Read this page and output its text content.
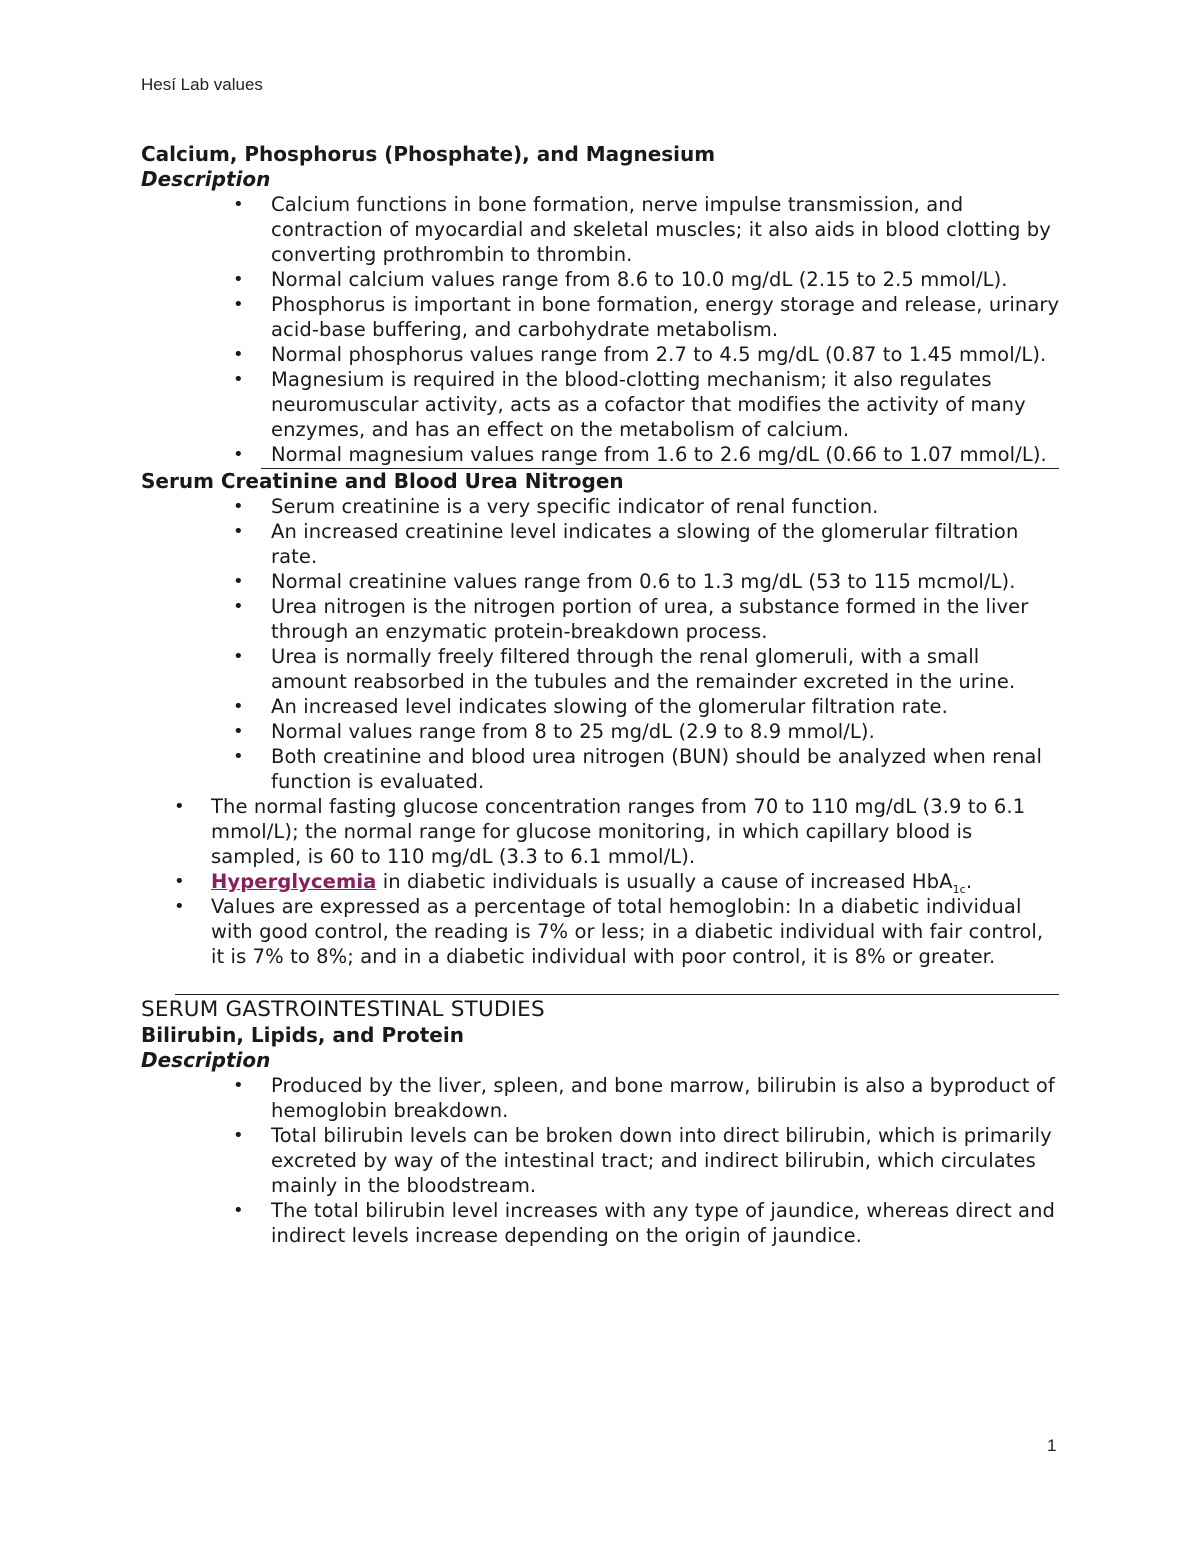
Hesí Lab values
Calcium, Phosphorus (Phosphate), and Magnesium
Description
• Calcium functions in bone formation, nerve impulse transmission, and contraction of myocardial and skeletal muscles; it also aids in blood clotting by converting prothrombin to thrombin.
• Normal calcium values range from 8.6 to 10.0 mg/dL (2.15 to 2.5 mmol/L).
• Phosphorus is important in bone formation, energy storage and release, urinary acid-base buffering, and carbohydrate metabolism.
• Normal phosphorus values range from 2.7 to 4.5 mg/dL (0.87 to 1.45 mmol/L).
• Magnesium is required in the blood-clotting mechanism; it also regulates neuromuscular activity, acts as a cofactor that modifies the activity of many enzymes, and has an effect on the metabolism of calcium.
• Normal magnesium values range from 1.6 to 2.6 mg/dL (0.66 to 1.07 mmol/L).
Serum Creatinine and Blood Urea Nitrogen
• Serum creatinine is a very specific indicator of renal function.
• An increased creatinine level indicates a slowing of the glomerular filtration rate.
• Normal creatinine values range from 0.6 to 1.3 mg/dL (53 to 115 mcmol/L).
• Urea nitrogen is the nitrogen portion of urea, a substance formed in the liver through an enzymatic protein-breakdown process.
• Urea is normally freely filtered through the renal glomeruli, with a small amount reabsorbed in the tubules and the remainder excreted in the urine.
• An increased level indicates slowing of the glomerular filtration rate.
• Normal values range from 8 to 25 mg/dL (2.9 to 8.9 mmol/L).
• Both creatinine and blood urea nitrogen (BUN) should be analyzed when renal function is evaluated.
• The normal fasting glucose concentration ranges from 70 to 110 mg/dL (3.9 to 6.1 mmol/L); the normal range for glucose monitoring, in which capillary blood is sampled, is 60 to 110 mg/dL (3.3 to 6.1 mmol/L).
• Hyperglycemia in diabetic individuals is usually a cause of increased HbA$_{1c}$.
• Values are expressed as a percentage of total hemoglobin: In a diabetic individual with good control, the reading is 7% or less; in a diabetic individual with fair control, it is 7% to 8%; and in a diabetic individual with poor control, it is 8% or greater.
SERUM GASTROINTESTINAL STUDIES
Bilirubin, Lipids, and Protein
Description
• Produced by the liver, spleen, and bone marrow, bilirubin is also a byproduct of hemoglobin breakdown.
• Total bilirubin levels can be broken down into direct bilirubin, which is primarily excreted by way of the intestinal tract; and indirect bilirubin, which circulates mainly in the bloodstream.
• The total bilirubin level increases with any type of jaundice, whereas direct and indirect levels increase depending on the origin of jaundice.
1
